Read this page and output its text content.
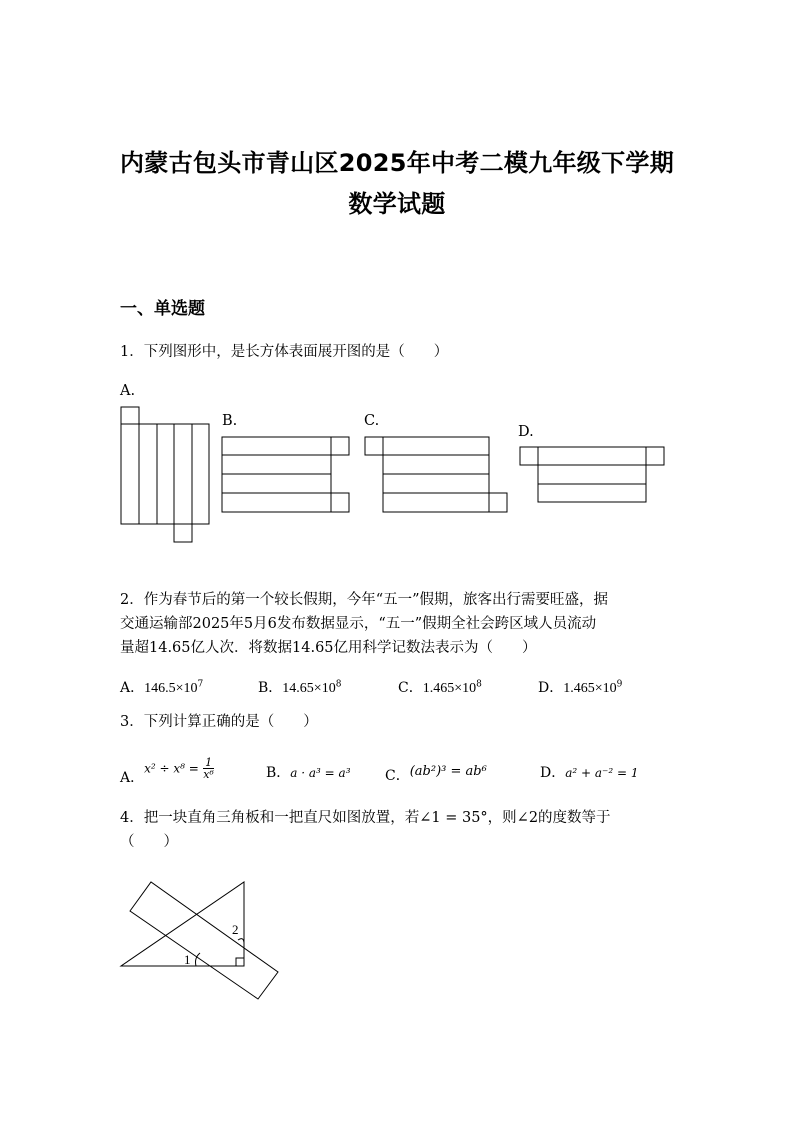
内蒙古包头市青山区2025年中考二模九年级下学期
数学试题
一、单选题
1．下列图形中，是长方体表面展开图的是（　　）
A.
B.	C.
D.
2．作为春节后的第一个较长假期，今年“五一”假期，旅客出行需要旺盛，据
交通运输部2025年5月6发布数据显示，“五一”假期全社会跨区域人员流动
量超14.65亿人次．将数据14.65亿用科学记数法表示为（　　）
A．$146.5\times 10^7$	B．$14.65\times 10^8$	C．$1.465\times 10^8$	D．$1.465\times 10^9$
3．下列计算正确的是（　　）
A．$x^2 \div x^8 = \frac{1}{\text{x⁶}}$	B．a · a³ = a³ C．(ab²)³ = ab⁶	D．a² + a⁻² = 1
4．把一块直角三角板和一把直尺如图放置，若∠1 = 35°，则∠2的度数等于
（　　）
1
2
